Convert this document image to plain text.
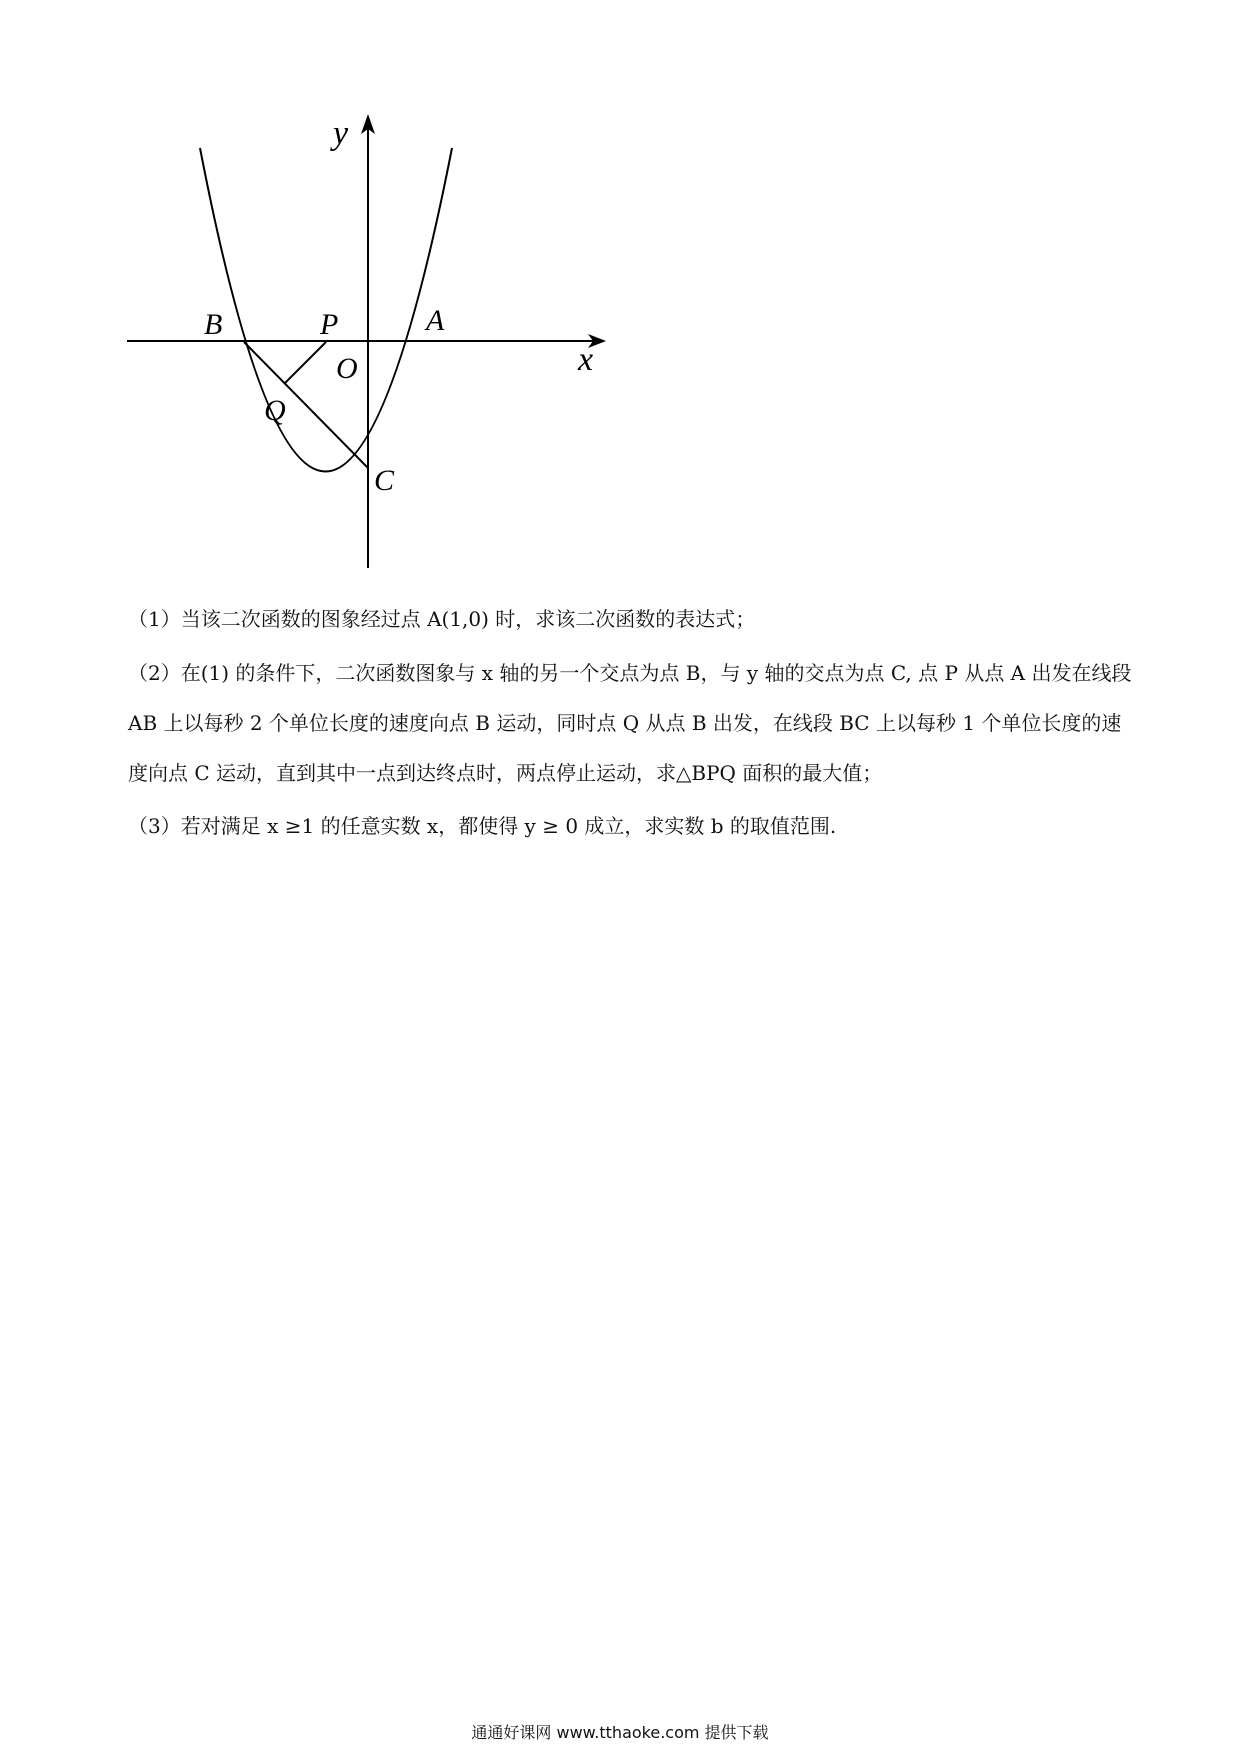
y
x
B	P	A
O
Q
C
（1）当该二次函数的图象经过点 A(1,0) 时，求该二次函数的表达式；
（2）在(1) 的条件下，二次函数图象与 x 轴的另一个交点为点 B，与 y 轴的交点为点 C, 点 P 从点 A 出发在线段 AB 上以每秒 2 个单位长度的速度向点 B 运动，同时点 Q 从点 B 出发，在线段 BC 上以每秒 1 个单位长度的速度向点 C 运动，直到其中一点到达终点时，两点停止运动，求△BPQ 面积的最大值；
（3）若对满足 x ≥1 的任意实数 x，都使得 y ≥ 0 成立，求实数 b 的取值范围.
通通好课网 www.tthaoke.com 提供下载
